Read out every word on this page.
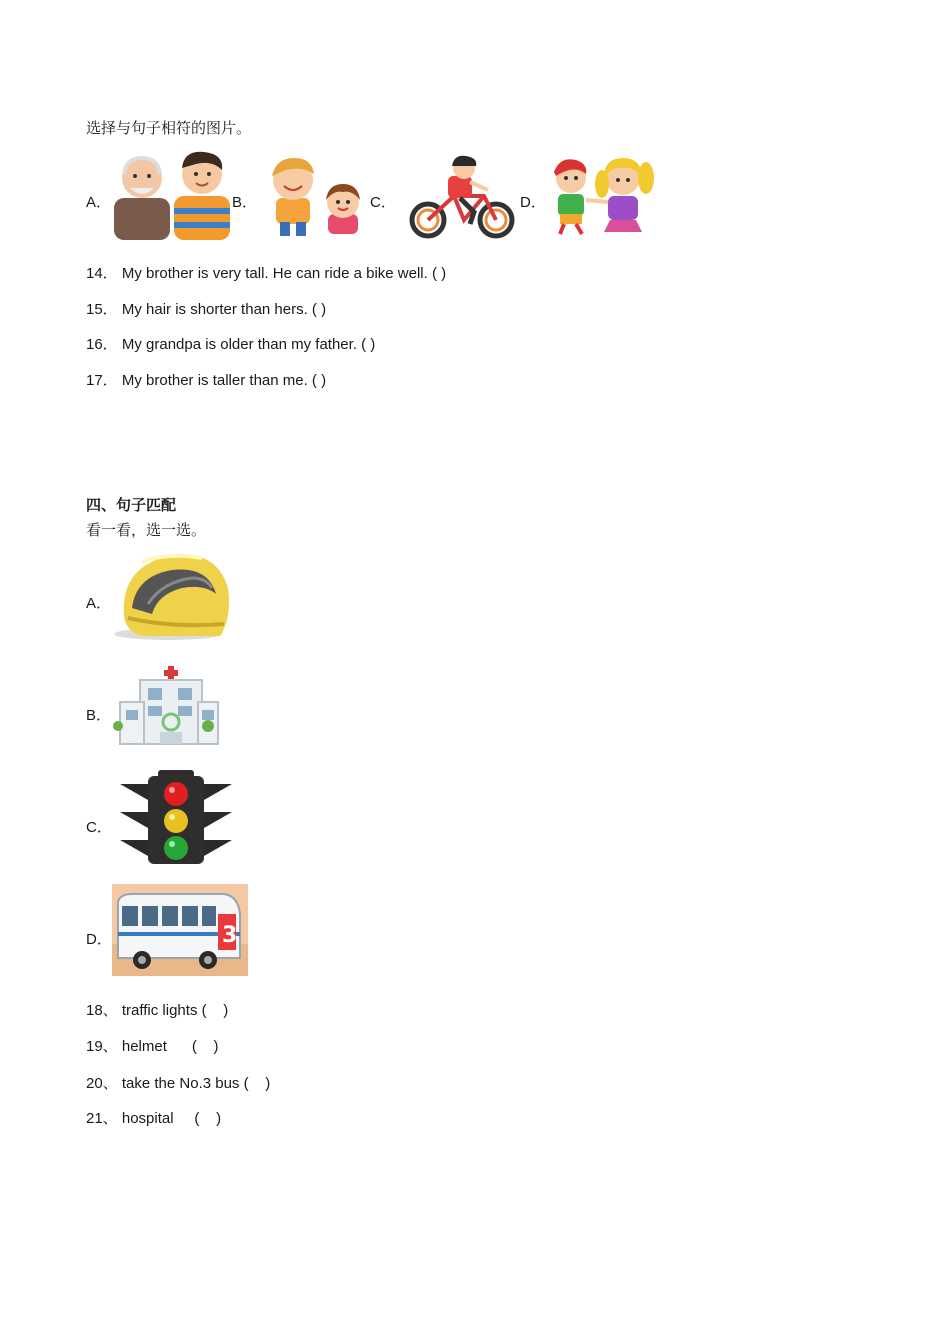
选择与句子相符的图片。
A．	B．	C．	D．
14． My brother is very tall. He can ride a bike well. ( )
15． My hair is shorter than hers. ( )
16． My grandpa is older than my father. ( )
17． My brother is taller than me. ( )
四、句子匹配
看一看，选一选。
A．
B．
C．
D．	3
18、 traffic lights (    )
19、 helmet      (    )
20、 take the No.3 bus (    )
21、 hospital     (    )
